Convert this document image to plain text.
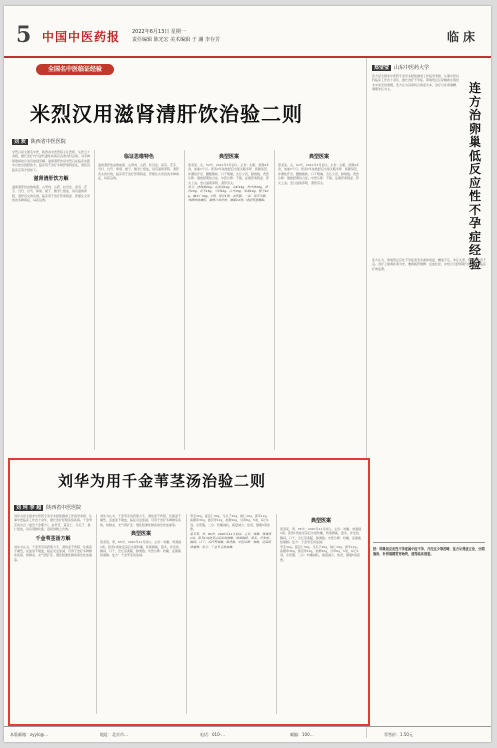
5 中国中医药报 2022年6月13日 星期一
责任编辑 陈光宏 美术编辑 于 澜 李存芳	临床
全国名中医临证经验
米烈汉用滋肾清肝饮治验二则
刘 欢 陕西省中医医院
米烈汉是全国名中医，陕西省中医医院主任医师，从医五十余载，擅长治疗内分泌代谢性疾病及各类内科杂病，对多种疑难病的诊治有独到见解。滋肾清肝饮是米烈汉在临床实践中总结出的经验方，临床用于治疗多种肝肾阴虚证，现将其临床应用介绍如下。
滋肾清肝饮方解
滋肾清肝饮由熟地黄、山萸肉、山药、牡丹皮、泽泻、茯苓、当归、白芍、柴胡、栀子、酸枣仁组成，具有滋肾养阴、清肝泻火的功效，临床用于治疗肝肾阴虚、肝郁化火所致的多种病证，每获良效。
临证思维特色
滋肾清肝饮由熟地黄、山萸肉、山药、牡丹皮、泽泻、茯苓、当归、白芍、柴胡、栀子、酸枣仁组成，具有滋肾养阴、清肝泻火的功效，临床用于治疗肝肾阴虚、肝郁化火所致的多种病证，每获良效。
典型医案
患者某，女，52岁，2021年3月初诊。主诉：失眠、烦躁2年余，加重1个月。患者2年前绝经后出现失眠多梦、烦躁易怒，伴潮热汗出、腰膝酸软、口干咽燥，舌红少苔，脉细数。西医诊断：围绝经期综合征。中医诊断：不寐，证属肝肾阴虚、肝火上炎。治以滋肾养阴、清肝泻火。
处方：熟地黄20g，山萸肉12g，山药15g，牡丹皮10g，泽泻10g，茯苓15g，当归12g，白芍15g，柴胡10g，栀子10g，酸枣仁30g，7剂，每日1剂，水煎服。二诊：患者失眠、烦躁较前减轻，潮热汗出好转，继服14剂，诸症明显缓解。
典型医案
患者某，女，52岁，2021年3月初诊。主诉：失眠、烦躁2年余，加重1个月。患者2年前绝经后出现失眠多梦、烦躁易怒，伴潮热汗出、腰膝酸软、口干咽燥，舌红少苔，脉细数。西医诊断：围绝经期综合征。中医诊断：不寐，证属肝肾阴虚、肝火上炎。治以滋肾养阴、清肝泻火。
郑莹莹 山东中医药大学
连方是全国老中医药专家学术经验继承工作指导老师，从事中医妇科临床工作四十余年，擅长治疗不孕症。卵巢低反应是辅助生殖技术中常见的难题，连方认为其病机以肾虚为本，治疗以补肾填精、调理冲任为主。	连方治卵巢低反应性不孕症经验
连方认为，卵巢低反应性不孕症患者多素体肾虚，精血不足，冲任失养，故卵泡发育不良。治疗上强调补肾为先，兼顾疏肝健脾、活血化瘀，并结合月经周期分期用药，临床疗效显著。
按：卵巢低反应性不孕症属中医不孕、月经过少等范畴，连方从肾虚立论，分期施治，补肾填精贯穿始终，值得临床借鉴。
刘华为用千金苇茎汤治验二则
刘 珂 李 超 陕西省中医医院
刘华为是全国老中医药专家学术经验继承工作指导老师，从事中医临床工作四十余年，擅长治疗呼吸系统疾病。千金苇茎汤出自《备急千金要方》，由苇茎、薏苡仁、冬瓜子、桃仁组成，具有清肺化痰、逐瘀排脓之功效。
千金苇茎汤方解
刘华为认为，千金苇茎汤药简力专，清热而不伤阴，化痰而不燥烈，活血而不破血，临证灵活加减，可用于治疗多种肺系疾病，如肺炎、支气管扩张、慢性阻塞性肺疾病急性加重等。
刘华为认为，千金苇茎汤药简力专，清热而不伤阴，化痰而不燥烈，活血而不破血，临证灵活加减，可用于治疗多种肺系疾病，如肺炎、支气管扩张、慢性阻塞性肺疾病急性加重等。
典型医案
患者某，男，65岁，2020年11月初诊。主诉：咳嗽、咳黄痰1周。患者1周前受凉后出现咳嗽，咳黄稠痰，量多，伴发热、胸闷、口干，舌红苔黄腻，脉滑数。中医诊断：咳嗽，证属痰热壅肺。处方：千金苇茎汤加减。
苇茎30g，薏苡仁30g，冬瓜子20g，桃仁10g，黄芩12g，鱼腥草30g，浙贝母12g，桔梗10g，甘草6g，5剂，每日1剂，水煎服。二诊：咳嗽减轻，痰量减少，热退，继服5剂而愈。
患者某，男，65岁，2020年11月初诊。主诉：咳嗽、咳黄痰1周。患者1周前受凉后出现咳嗽，咳黄稠痰，量多，伴发热、胸闷、口干，舌红苔黄腻，脉滑数。中医诊断：咳嗽，证属痰热壅肺。处方：千金苇茎汤加减。
典型医案
患者某，男，65岁，2020年11月初诊。主诉：咳嗽、咳黄痰1周。患者1周前受凉后出现咳嗽，咳黄稠痰，量多，伴发热、胸闷、口干，舌红苔黄腻，脉滑数。中医诊断：咳嗽，证属痰热壅肺。处方：千金苇茎汤加减。
苇茎30g，薏苡仁30g，冬瓜子20g，桃仁10g，黄芩12g，鱼腥草30g，浙贝母12g，桔梗10g，甘草6g，5剂，每日1剂，水煎服。二诊：咳嗽减轻，痰量减少，热退，继服5剂而愈。
本版邮箱：zyylc@…	地址：北京市…	电话：010-…	邮编：100…	零售价：1.50元
